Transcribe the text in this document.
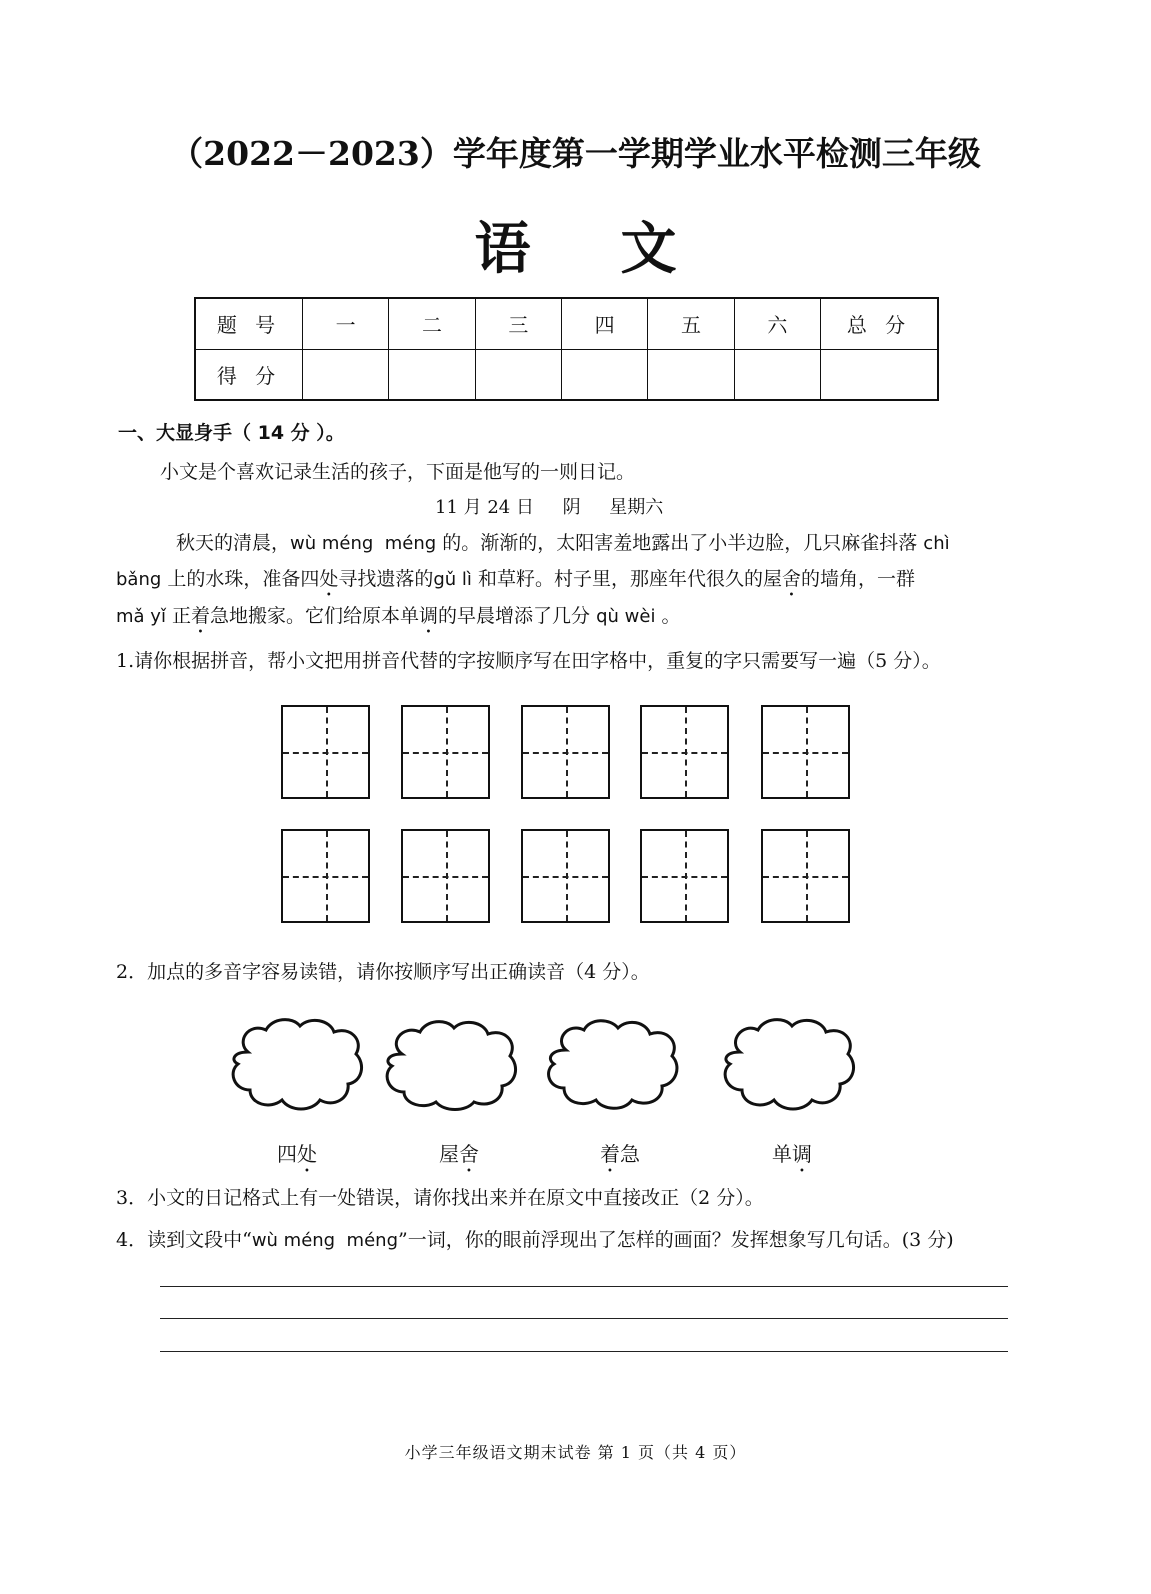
（2022－2023）学年度第一学期学业水平检测三年级
语文
题 号	一	二	三	四	五	六	总 分
得 分							
一、大显身手（ 14 分 ）。
小文是个喜欢记录生活的孩子，下面是他写的一则日记。
11 月 24 日     阴     星期六
秋天的清晨，wù méng  méng 的。渐渐的，太阳害羞地露出了小半边脸，几只麻雀抖落 chì
bǎng 上的水珠，准备四处寻找遗落的gǔ lì 和草籽。村子里，那座年代很久的屋舍的墙角，一群
mǎ yǐ 正着急地搬家。它们给原本单调的早晨增添了几分 qù wèi 。
1.请你根据拼音，帮小文把用拼音代替的字按顺序写在田字格中，重复的字只需要写一遍（5 分）。
2．加点的多音字容易读错，请你按顺序写出正确读音（4 分）。
四处	屋舍	着急	单调
3．小文的日记格式上有一处错误，请你找出来并在原文中直接改正（2 分）。
4．读到文段中“wù méng  méng”一词，你的眼前浮现出了怎样的画面？发挥想象写几句话。(3 分)
小学三年级语文期末试卷 第 1 页（共 4 页）
